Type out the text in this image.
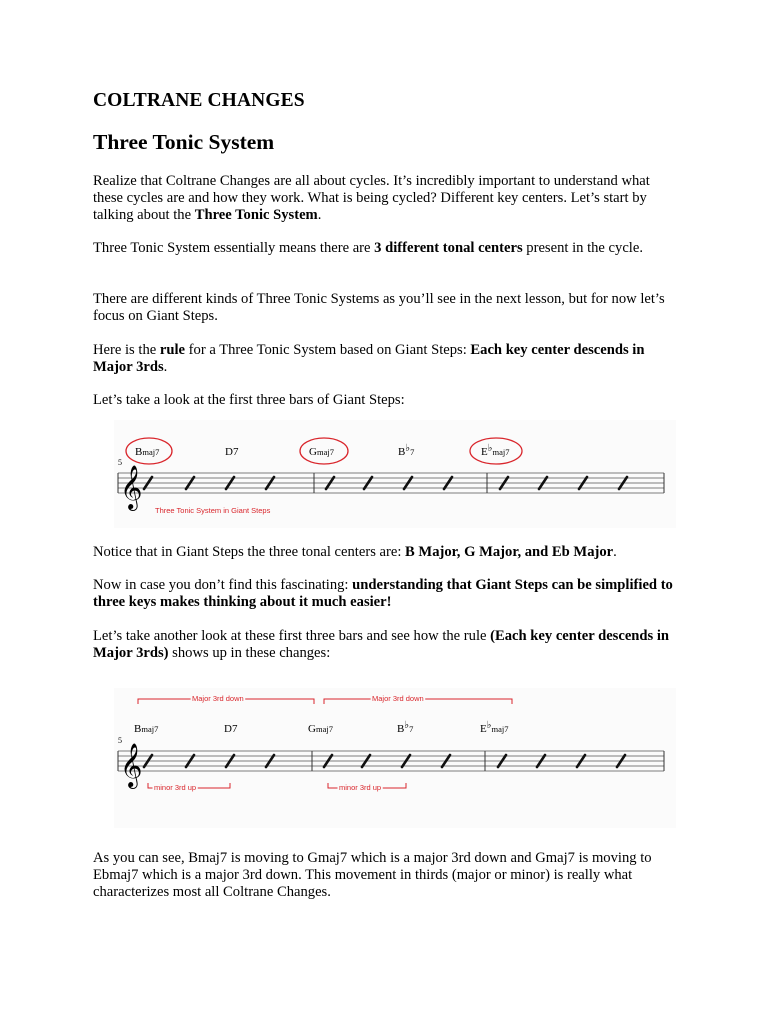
COLTRANE CHANGES
Three Tonic System

Realize that Coltrane Changes are all about cycles. It’s incredibly important to understand what these cycles are and how they work. What is being cycled? Different key centers. Let’s start by talking about the Three Tonic System.

Three Tonic System essentially means there are 3 different tonal centers present in the cycle.

There are different kinds of Three Tonic Systems as you’ll see in the next lesson, but for now let’s focus on Giant Steps.

Here is the rule for a Three Tonic System based on Giant Steps: Each key center descends in Major 3rds.

Let’s take a look at the first three bars of Giant Steps:

Bmaj7	D7	Gmaj7	$B♭_7$	$E♭_{maj7}$
5
𝄞
Three Tonic System in Giant Steps

Notice that in Giant Steps the three tonal centers are: B Major, G Major, and Eb Major.

Now in case you don’t find this fascinating: understanding that Giant Steps can be simplified to three keys makes thinking about it much easier!

Let’s take another look at these first three bars and see how the rule (Each key center descends in Major 3rds) shows up in these changes:

Major 3rd down	Major 3rd down
Bmaj7	D7	Gmaj7	$B♭_7$	$E♭_{maj7}$
5
𝄞
minor 3rd up	minor 3rd up

As you can see, Bmaj7 is moving to Gmaj7 which is a major 3rd down and Gmaj7 is moving to Ebmaj7 which is a major 3rd down. This movement in thirds (major or minor) is really what characterizes most all Coltrane Changes.
